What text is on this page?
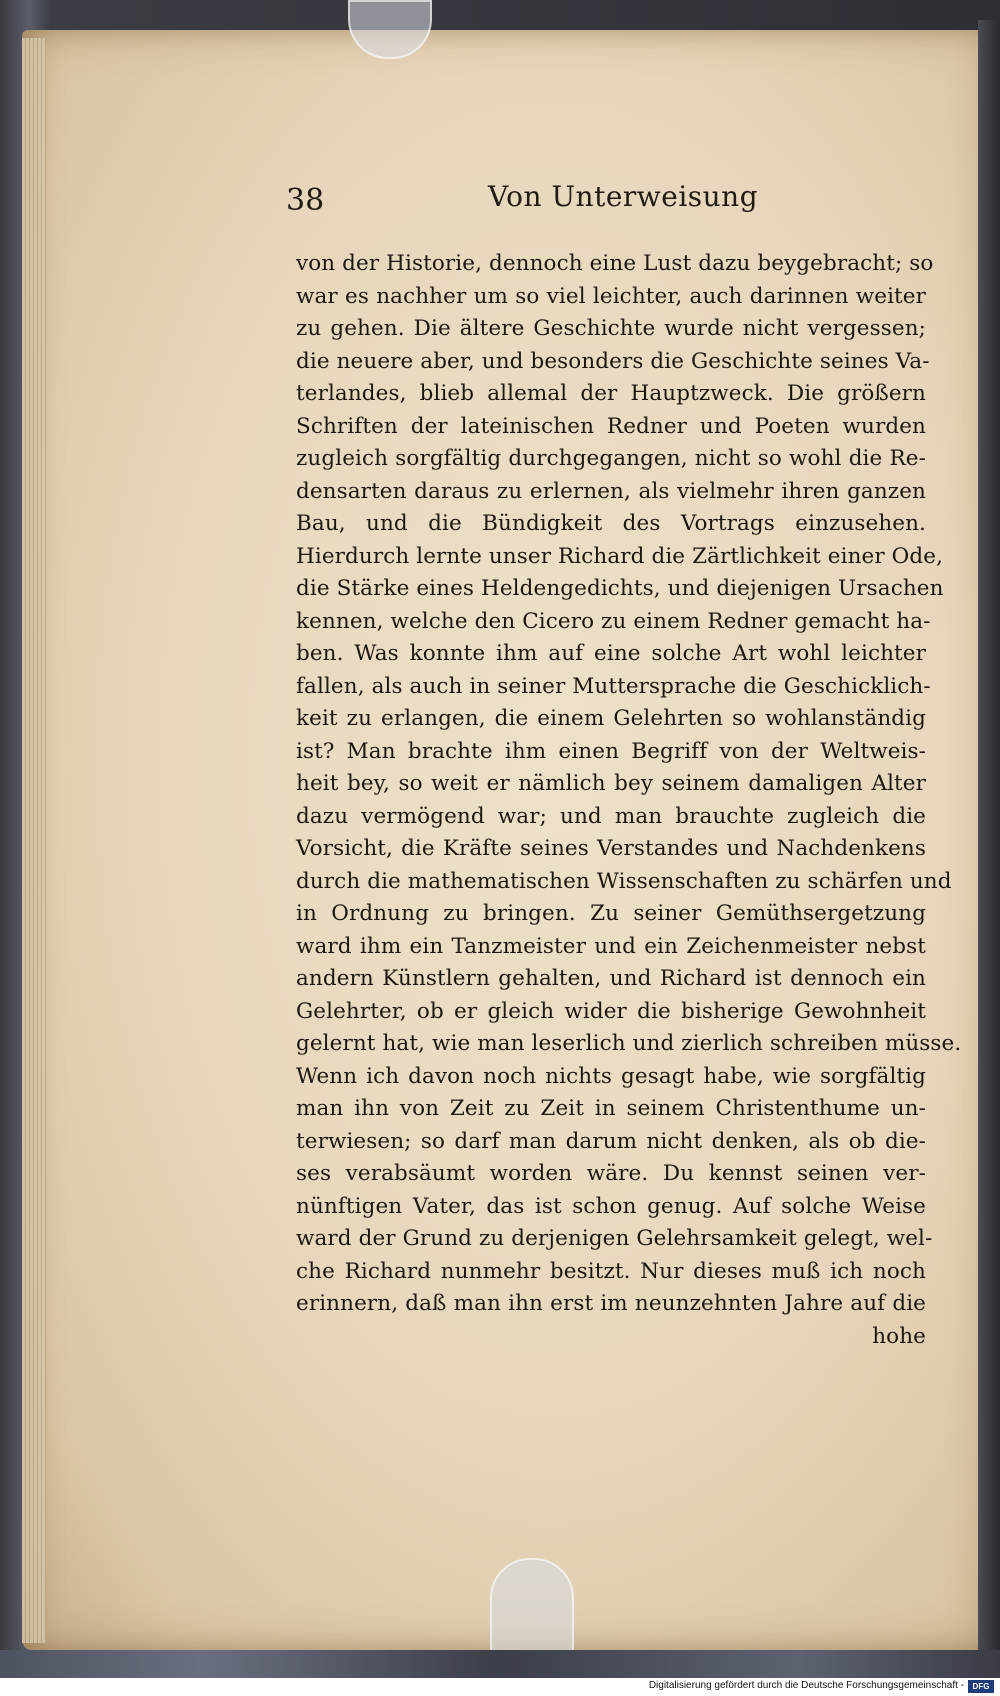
38	Von Unterweisung
von der Historie, dennoch eine Lust dazu beygebracht; so
war es nachher um so viel leichter, auch darinnen weiter
zu gehen. Die ältere Geschichte wurde nicht vergessen;
die neuere aber, und besonders die Geschichte seines Va-
terlandes, blieb allemal der Hauptzweck. Die größern
Schriften der lateinischen Redner und Poeten wurden
zugleich sorgfältig durchgegangen, nicht so wohl die Re-
densarten daraus zu erlernen, als vielmehr ihren ganzen
Bau, und die Bündigkeit des Vortrags einzusehen.
Hierdurch lernte unser Richard die Zärtlichkeit einer Ode,
die Stärke eines Heldengedichts, und diejenigen Ursachen
kennen, welche den Cicero zu einem Redner gemacht ha-
ben. Was konnte ihm auf eine solche Art wohl leichter
fallen, als auch in seiner Muttersprache die Geschicklich-
keit zu erlangen, die einem Gelehrten so wohlanständig
ist? Man brachte ihm einen Begriff von der Weltweis-
heit bey, so weit er nämlich bey seinem damaligen Alter
dazu vermögend war; und man brauchte zugleich die
Vorsicht, die Kräfte seines Verstandes und Nachdenkens
durch die mathematischen Wissenschaften zu schärfen und
in Ordnung zu bringen. Zu seiner Gemüthsergetzung
ward ihm ein Tanzmeister und ein Zeichenmeister nebst
andern Künstlern gehalten, und Richard ist dennoch ein
Gelehrter, ob er gleich wider die bisherige Gewohnheit
gelernt hat, wie man leserlich und zierlich schreiben müsse.
Wenn ich davon noch nichts gesagt habe, wie sorgfältig
man ihn von Zeit zu Zeit in seinem Christenthume un-
terwiesen; so darf man darum nicht denken, als ob die-
ses verabsäumt worden wäre. Du kennst seinen ver-
nünftigen Vater, das ist schon genug. Auf solche Weise
ward der Grund zu derjenigen Gelehrsamkeit gelegt, wel-
che Richard nunmehr besitzt. Nur dieses muß ich noch
erinnern, daß man ihn erst im neunzehnten Jahre auf die
hohe
Digitalisierung gefördert durch die Deutsche Forschungsgemeinschaft -	DFG
